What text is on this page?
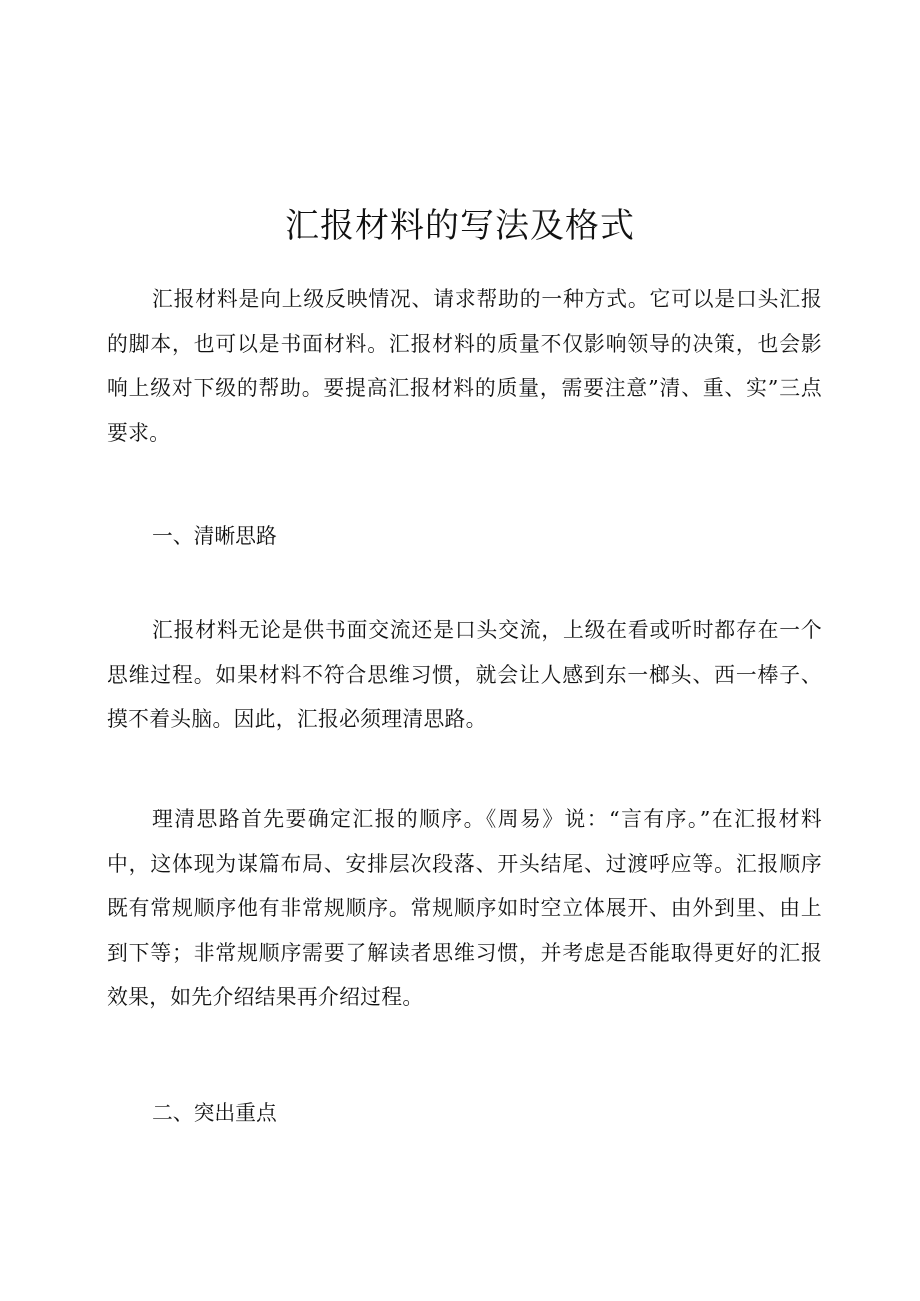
汇报材料的写法及格式

汇报材料是向上级反映情况、请求帮助的一种方式。它可以是口头汇报的脚本，也可以是书面材料。汇报材料的质量不仅影响领导的决策，也会影响上级对下级的帮助。要提高汇报材料的质量，需要注意”清、重、实”三点要求。

一、清晰思路

汇报材料无论是供书面交流还是口头交流，上级在看或听时都存在一个思维过程。如果材料不符合思维习惯，就会让人感到东一榔头、西一棒子、摸不着头脑。因此，汇报必须理清思路。

理清思路首先要确定汇报的顺序。《周易》说：“言有序。”在汇报材料中，这体现为谋篇布局、安排层次段落、开头结尾、过渡呼应等。汇报顺序既有常规顺序他有非常规顺序。常规顺序如时空立体展开、由外到里、由上到下等；非常规顺序需要了解读者思维习惯，并考虑是否能取得更好的汇报效果，如先介绍结果再介绍过程。

二、突出重点
